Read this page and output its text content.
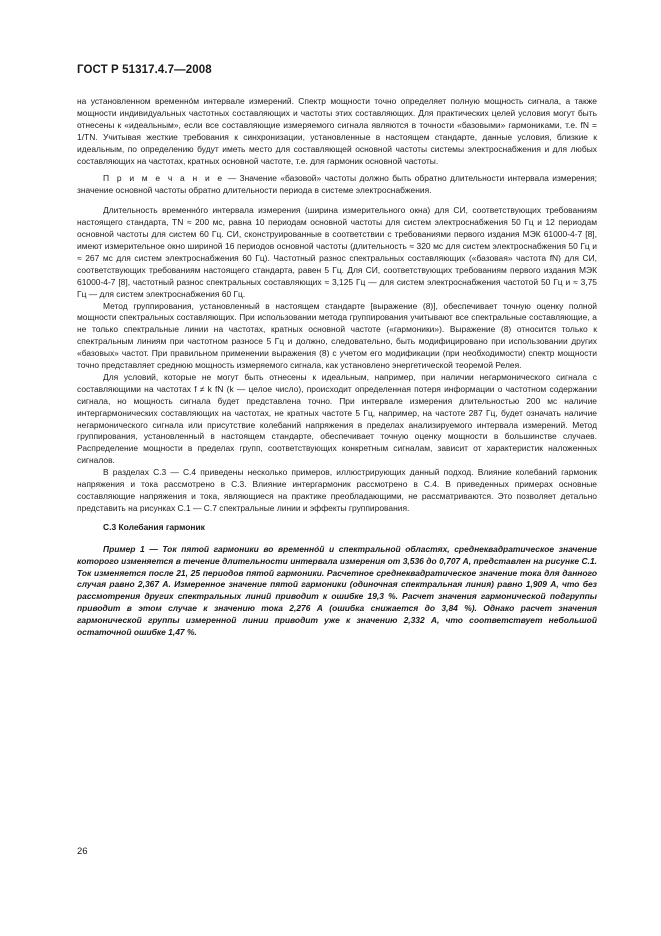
ГОСТ Р 51317.4.7—2008

на установленном временнóм интервале измерений. Спектр мощности точно определяет полную мощность сигнала, а также мощности индивидуальных частотных составляющих и частоты этих составляющих. Для практических целей условия могут быть отнесены к «идеальным», если все составляющие измеряемого сигнала являются в точности «базовыми» гармониками, т.е. fN = 1/TN. Учитывая жесткие требования к синхронизации, установленные в настоящем стандарте, данные условия, близкие к идеальным, по определению будут иметь место для составляющей основной частоты системы электроснабжения и для любых составляющих на частотах, кратных основной частоте, т.е. для гармоник основной частоты.

П р и м е ч а н и е — Значение «базовой» частоты должно быть обратно длительности интервала измерения; значение основной частоты обратно длительности периода в системе электроснабжения.

Длительность временнóго интервала измерения (ширина измерительного окна) для СИ, соответствующих требованиям настоящего стандарта, TN ≈ 200 мс, равна 10 периодам основной частоты для систем электроснабжения 50 Гц и 12 периодам основной частоты для систем 60 Гц. СИ, сконструированные в соответствии с требованиями первого издания МЭК 61000-4-7 [8], имеют измерительное окно шириной 16 периодов основной частоты (длительность ≈ 320 мс для систем электроснабжения 50 Гц и ≈ 267 мс для систем электроснабжения 60 Гц). Частотный разнос спектральных составляющих («базовая» частота fN) для СИ, соответствующих требованиям настоящего стандарта, равен 5 Гц. Для СИ, соответствующих требованиям первого издания МЭК 61000-4-7 [8], частотный разнос спектральных составляющих ≈ 3,125 Гц — для систем электроснабжения частотой 50 Гц и ≈ 3,75 Гц — для систем электроснабжения 60 Гц.

Метод группирования, установленный в настоящем стандарте [выражение (8)], обеспечивает точную оценку полной мощности спектральных составляющих. При использовании метода группирования учитывают все спектральные составляющие, а не только спектральные линии на частотах, кратных основной частоте («гармоники»). Выражение (8) относится только к спектральным линиям при частотном разносе 5 Гц и должно, следовательно, быть модифицировано при использовании других «базовых» частот. При правильном применении выражения (8) с учетом его модификации (при необходимости) спектр мощности точно представляет среднюю мощность измеряемого сигнала, как установлено энергетической теоремой Релея.

Для условий, которые не могут быть отнесены к идеальным, например, при наличии негармонического сигнала с составляющими на частотах f ≠ k fN (k — целое число), происходит определенная потеря информации о частотном содержании сигнала, но мощность сигнала будет представлена точно. При интервале измерения длительностью 200 мс наличие интергармонических составляющих на частотах, не кратных частоте 5 Гц, например, на частоте 287 Гц, будет означать наличие негармонического сигнала или присутствие колебаний напряжения в пределах анализируемого интервала измерений. Метод группирования, установленный в настоящем стандарте, обеспечивает точную оценку мощности в большинстве случаев. Распределение мощности в пределах групп, соответствующих конкретным сигналам, зависит от характеристик наложенных сигналов.

В разделах С.3 — С.4 приведены несколько примеров, иллюстрирующих данный подход. Влияние колебаний гармоник напряжения и тока рассмотрено в С.3. Влияние интергармоник рассмотрено в С.4. В приведенных примерах основные составляющие напряжения и тока, являющиеся на практике преобладающими, не рассматриваются. Это позволяет детально представить на рисунках С.1 — С.7 спектральные линии и эффекты группирования.

С.3 Колебания гармоник

Пример 1 — Ток пятой гармоники во временнóй и спектральной областях, среднеквадратическое значение которого изменяется в течение длительности интервала измерения от 3,536 до 0,707 А, представлен на рисунке С.1. Ток изменяется после 21, 25 периодов пятой гармоники. Расчетное среднеквадратическое значение тока для данного случая равно 2,367 А. Измеренное значение пятой гармоники (одиночная спектральная линия) равно 1,909 А, что без рассмотрения других спектральных линий приводит к ошибке 19,3 %. Расчет значения гармонической подгруппы приводит в этом случае к значению тока 2,276 А (ошибка снижается до 3,84 %). Однако расчет значения гармонической группы измеренной линии приводит уже к значению 2,332 А, что соответствует небольшой остаточной ошибке 1,47 %.

26
